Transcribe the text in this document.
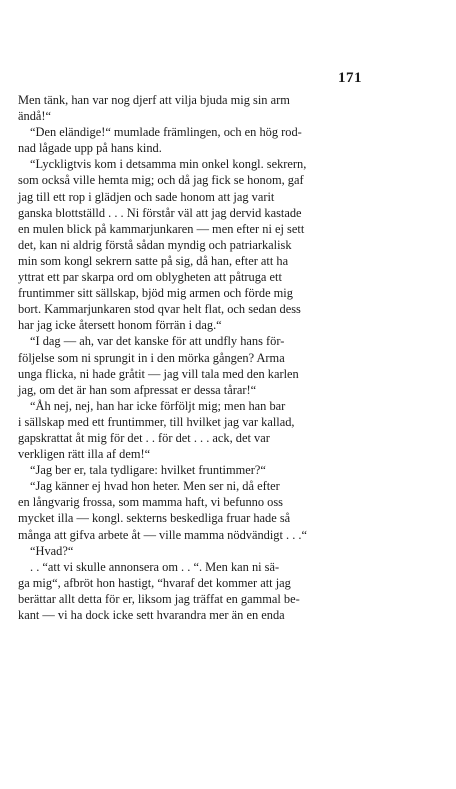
171
Men tänk, han var nog djerf att vilja bjuda mig sin arm
ändå!“
“Den eländige!“ mumlade främlingen, och en hög rod-
nad lågade upp på hans kind.
“Lyckligtvis kom i detsamma min onkel kongl. sekrern,
som också ville hemta mig; och då jag fick se honom, gaf
jag till ett rop i glädjen och sade honom att jag varit
ganska blottställd . . . Ni förstår väl att jag dervid kastade
en mulen blick på kammarjunkaren — men efter ni ej sett
det, kan ni aldrig förstå sådan myndig och patriarkalisk
min som kongl sekrern satte på sig, då han, efter att ha
yttrat ett par skarpa ord om oblygheten att påtruga ett
fruntimmer sitt sällskap, bjöd mig armen och förde mig
bort. Kammarjunkaren stod qvar helt flat, och sedan dess
har jag icke återsett honom förrän i dag.“
“I dag — ah, var det kanske för att undfly hans för-
följelse som ni sprungit in i den mörka gången? Arma
unga flicka, ni hade gråtit — jag vill tala med den karlen
jag, om det är han som afpressat er dessa tårar!“
“Åh nej, nej, han har icke förföljt mig; men han bar
i sällskap med ett fruntimmer, till hvilket jag var kallad,
gapskrattat åt mig för det . . för det . . . ack, det var
verkligen rätt illa af dem!“
“Jag ber er, tala tydligare: hvilket fruntimmer?“
“Jag känner ej hvad hon heter. Men ser ni, då efter
en långvarig frossa, som mamma haft, vi befunno oss
mycket illa — kongl. sekterns beskedliga fruar hade så
många att gifva arbete åt — ville mamma nödvändigt . . .“
“Hvad?“
. . “att vi skulle annonsera om . . “. Men kan ni sä-
ga mig“, afbröt hon hastigt, “hvaraf det kommer att jag
berättar allt detta för er, liksom jag träffat en gammal be-
kant — vi ha dock icke sett hvarandra mer än en enda
